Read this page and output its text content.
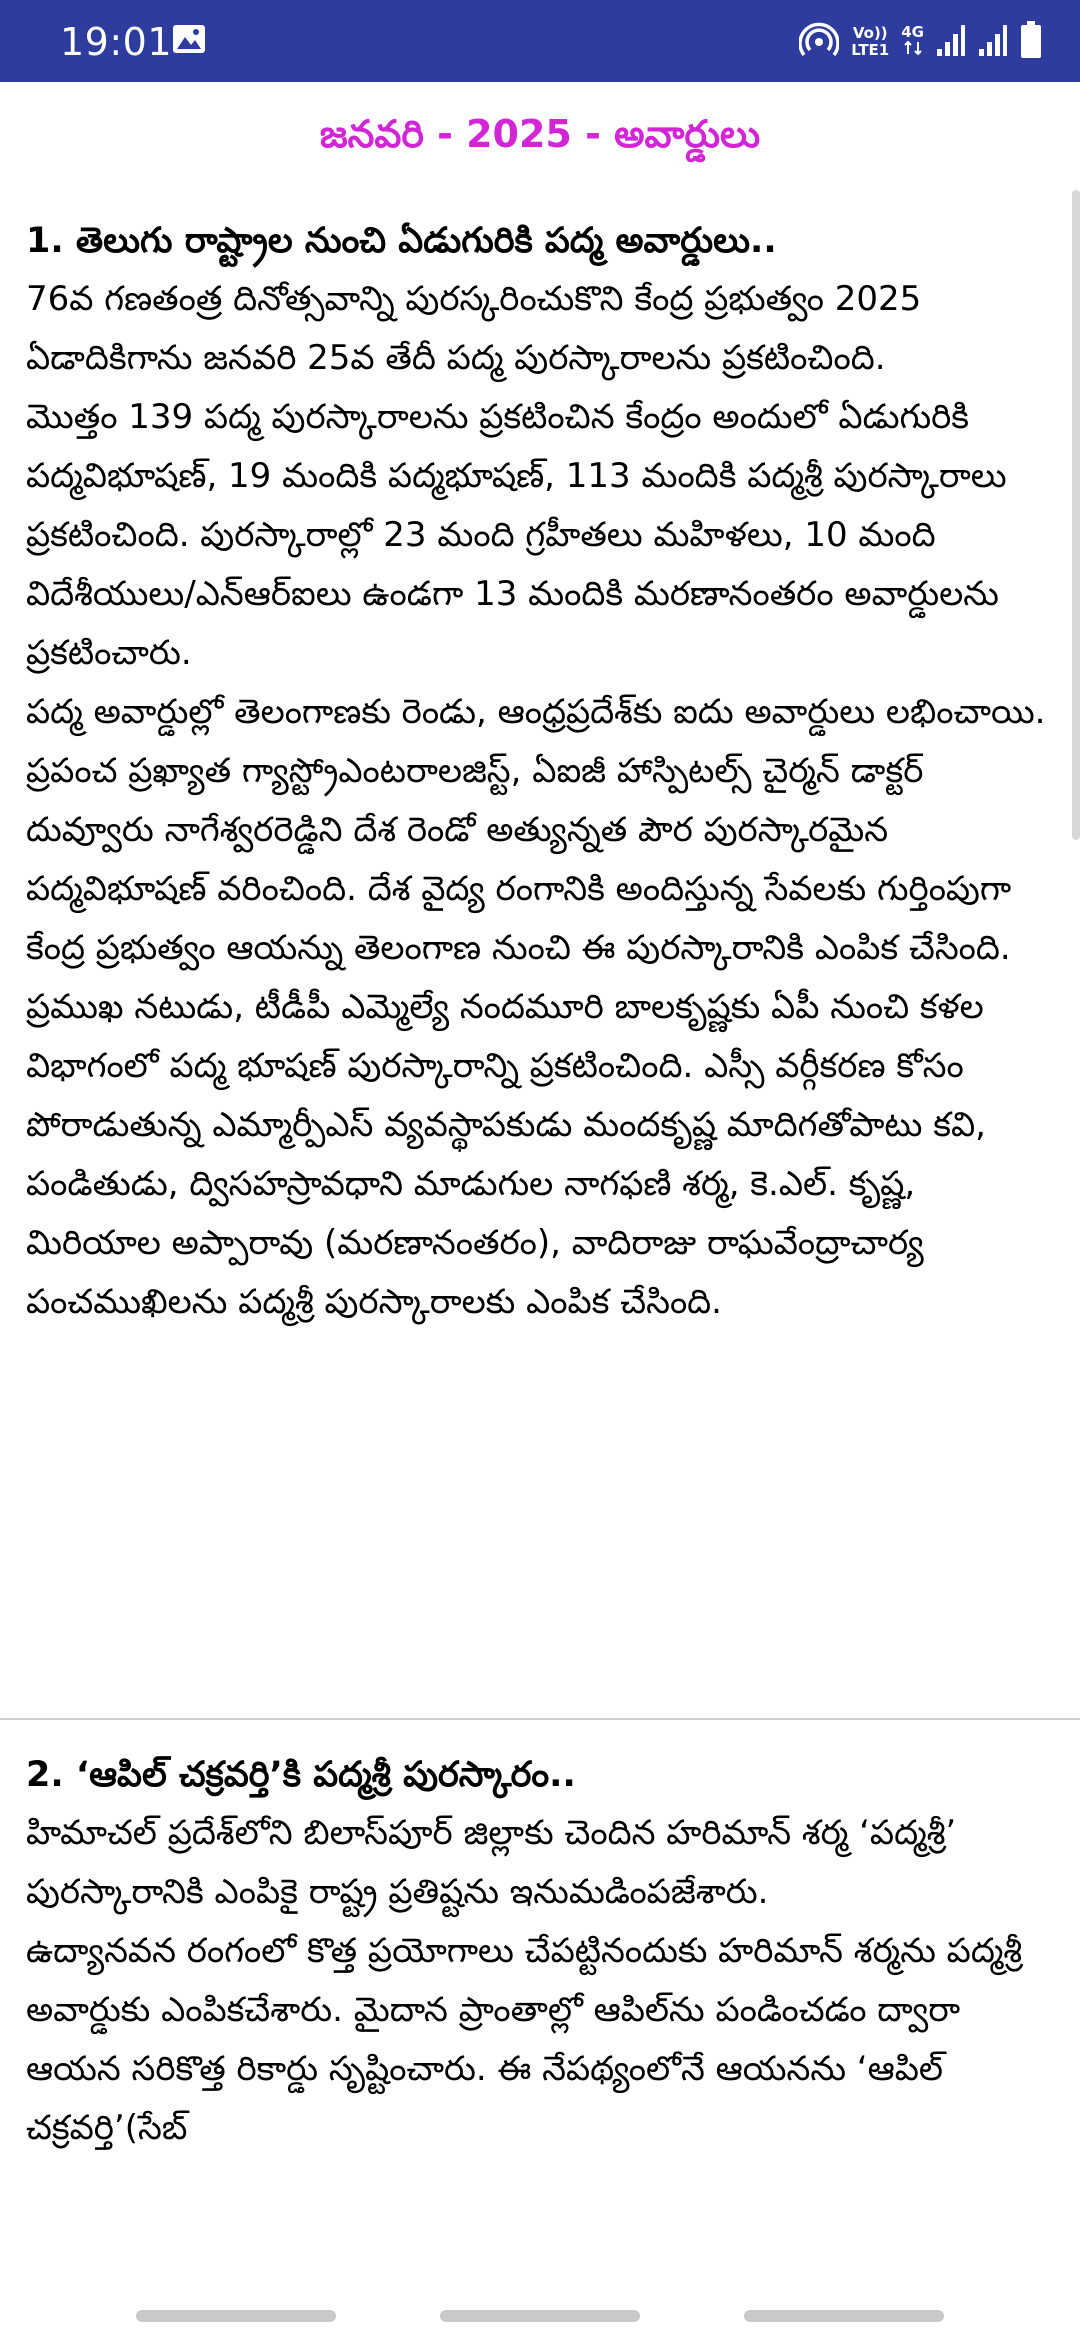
19:01	Vo))
LTE1
4G
జనవరి - 2025 - అవార్డులు
1. తెలుగు రాష్ట్రాల నుంచి ఏడుగురికి పద్మ అవార్డులు..

76వ గణతంత్ర దినోత్సవాన్ని పురస్కరించుకొని కేంద్ర ప్రభుత్వం 2025 ఏడాదికిగాను జనవరి 25వ తేదీ పద్మ పురస్కారాలను ప్రకటించింది.

మొత్తం 139 పద్మ పురస్కారాలను ప్రకటించిన కేంద్రం అందులో ఏడుగురికి పద్మవిభూషణ్, 19 మందికి పద్మభూషణ్, 113 మందికి పద్మశ్రీ పురస్కారాలు ప్రకటించింది. పురస్కారాల్లో 23 మంది గ్రహీతలు మహిళలు, 10 మంది విదేశీయులు/ఎన్ఆర్ఐలు ఉండగా 13 మందికి మరణానంతరం అవార్డులను ప్రకటించారు.

పద్మ అవార్డుల్లో తెలంగాణకు రెండు, ఆంధ్రప్రదేశ్‌కు ఐదు అవార్డులు లభించాయి.

ప్రపంచ ప్రఖ్యాత గ్యాస్ట్రోఎంటరాలజిస్ట్, ఏఐజీ హాస్పిటల్స్ చైర్మన్ డాక్టర్ దువ్వూరు నాగేశ్వరరెడ్డిని దేశ రెండో అత్యున్నత పౌర పురస్కారమైన పద్మవిభూషణ్ వరించింది. దేశ వైద్య రంగానికి అందిస్తున్న సేవలకు గుర్తింపుగా కేంద్ర ప్రభుత్వం ఆయన్ను తెలంగాణ నుంచి ఈ పురస్కారానికి ఎంపిక చేసింది.

ప్రముఖ నటుడు, టీడీపీ ఎమ్మెల్యే నందమూరి బాలకృష్ణకు ఏపీ నుంచి కళల విభాగంలో పద్మ భూషణ్ పురస్కారాన్ని ప్రకటించింది. ఎస్సీ వర్గీకరణ కోసం పోరాడుతున్న ఎమ్మార్పీఎస్ వ్యవస్థాపకుడు మందకృష్ణ మాదిగతోపాటు కవి, పండితుడు, ద్విసహస్రావధాని మాడుగుల నాగఫణి శర్మ, కె.ఎల్. కృష్ణ, మిరియాల అప్పారావు (మరణానంతరం), వాదిరాజు రాఘవేంద్రాచార్య పంచముఖిలను పద్మశ్రీ పురస్కారాలకు ఎంపిక చేసింది.

2. ‘ఆపిల్ చక్రవర్తి’కి పద్మశ్రీ పురస్కారం..

హిమాచల్ ప్రదేశ్‌లోని బిలాస్‌పూర్ జిల్లాకు చెందిన హరిమాన్ శర్మ ‘పద్మశ్రీ’ పురస్కారానికి ఎంపికై రాష్ట్ర ప్రతిష్టను ఇనుమడింపజేశారు.

ఉద్యానవన రంగంలో కొత్త ప్రయోగాలు చేపట్టినందుకు హరిమాన్ శర్మను పద్మశ్రీ అవార్డుకు ఎంపికచేశారు. మైదాన ప్రాంతాల్లో ఆపిల్‌ను పండించడం ద్వారా ఆయన సరికొత్త రికార్డు సృష్టించారు. ఈ నేపథ్యంలోనే ఆయనను ‘ఆపిల్ చక్రవర్తి’(సేబ్
